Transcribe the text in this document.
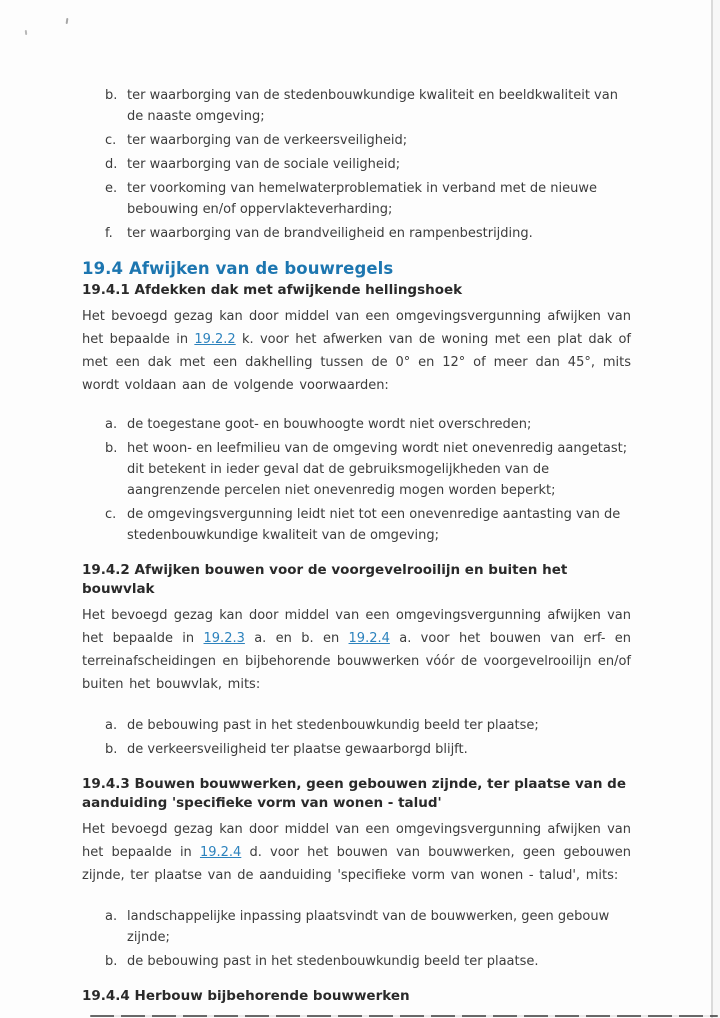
b. ter waarborging van de stedenbouwkundige kwaliteit en beeldkwaliteit van de naaste omgeving;
c. ter waarborging van de verkeersveiligheid;
d. ter waarborging van de sociale veiligheid;
e. ter voorkoming van hemelwaterproblematiek in verband met de nieuwe bebouwing en/of oppervlakteverharding;
f. ter waarborging van de brandveiligheid en rampenbestrijding.
19.4 Afwijken van de bouwregels
19.4.1 Afdekken dak met afwijkende hellingshoek

Het bevoegd gezag kan door middel van een omgevingsvergunning afwijken van het bepaalde in 19.2.2 k. voor het afwerken van de woning met een plat dak of met een dak met een dakhelling tussen de 0° en 12° of meer dan 45°, mits wordt voldaan aan de volgende voorwaarden:

a. de toegestane goot- en bouwhoogte wordt niet overschreden;
b. het woon- en leefmilieu van de omgeving wordt niet onevenredig aangetast; dit betekent in ieder geval dat de gebruiksmogelijkheden van de aangrenzende percelen niet onevenredig mogen worden beperkt;
c. de omgevingsvergunning leidt niet tot een onevenredige aantasting van de stedenbouwkundige kwaliteit van de omgeving;
19.4.2 Afwijken bouwen voor de voorgevelrooilijn en buiten het bouwvlak

Het bevoegd gezag kan door middel van een omgevingsvergunning afwijken van het bepaalde in 19.2.3 a. en b. en 19.2.4 a. voor het bouwen van erf- en terreinafscheidingen en bijbehorende bouwwerken vóór de voorgevelrooilijn en/of buiten het bouwvlak, mits:

a. de bebouwing past in het stedenbouwkundig beeld ter plaatse;
b. de verkeersveiligheid ter plaatse gewaarborgd blijft.
19.4.3 Bouwen bouwwerken, geen gebouwen zijnde, ter plaatse van de aanduiding 'specifieke vorm van wonen - talud'

Het bevoegd gezag kan door middel van een omgevingsvergunning afwijken van het bepaalde in 19.2.4 d. voor het bouwen van bouwwerken, geen gebouwen zijnde, ter plaatse van de aanduiding 'specifieke vorm van wonen - talud', mits:

a. landschappelijke inpassing plaatsvindt van de bouwwerken, geen gebouw zijnde;
b. de bebouwing past in het stedenbouwkundig beeld ter plaatse.
19.4.4 Herbouw bijbehorende bouwwerken
